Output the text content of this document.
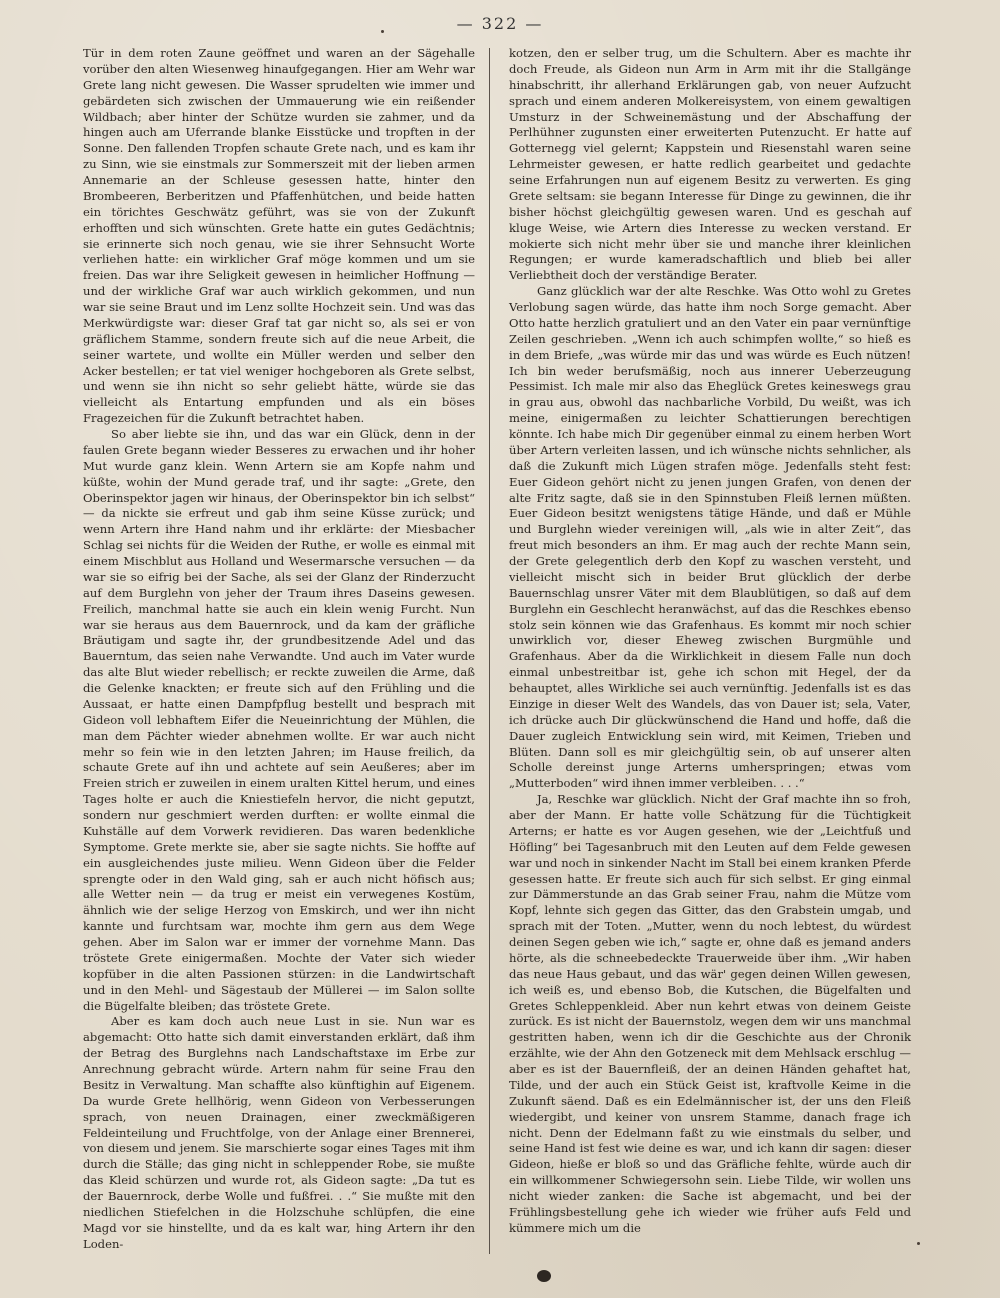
— 322 —

Tür in dem roten Zaune geöffnet und waren an der Sägehalle vorüber den alten Wiesenweg hinaufgegangen. Hier am Wehr war Grete lang nicht gewesen. Die Wasser sprudelten wie immer und gebärdeten sich zwischen der Ummauerung wie ein reißender Wildbach; aber hinter der Schütze wurden sie zahmer, und da hingen auch am Uferrande blanke Eisstücke und tropften in der Sonne. Den fallenden Tropfen schaute Grete nach, und es kam ihr zu Sinn, wie sie einstmals zur Sommerszeit mit der lieben armen Annemarie an der Schleuse gesessen hatte, hinter den Brombeeren, Berberitzen und Pfaffenhütchen, und beide hatten ein törichtes Geschwätz geführt, was sie von der Zukunft erhofften und sich wünschten. Grete hatte ein gutes Gedächtnis; sie erinnerte sich noch genau, wie sie ihrer Sehnsucht Worte verliehen hatte: ein wirklicher Graf möge kommen und um sie freien. Das war ihre Seligkeit gewesen in heimlicher Hoffnung — und der wirkliche Graf war auch wirklich gekommen, und nun war sie seine Braut und im Lenz sollte Hochzeit sein. Und was das Merkwürdigste war: dieser Graf tat gar nicht so, als sei er von gräflichem Stamme, sondern freute sich auf die neue Arbeit, die seiner wartete, und wollte ein Müller werden und selber den Acker bestellen; er tat viel weniger hochgeboren als Grete selbst, und wenn sie ihn nicht so sehr geliebt hätte, würde sie das vielleicht als Entartung empfunden und als ein böses Fragezeichen für die Zukunft betrachtet haben.

So aber liebte sie ihn, und das war ein Glück, denn in der faulen Grete begann wieder Besseres zu erwachen und ihr hoher Mut wurde ganz klein. Wenn Artern sie am Kopfe nahm und küßte, wohin der Mund gerade traf, und ihr sagte: „Grete, den Oberinspektor jagen wir hinaus, der Oberinspektor bin ich selbst“ — da nickte sie erfreut und gab ihm seine Küsse zurück; und wenn Artern ihre Hand nahm und ihr erklärte: der Miesbacher Schlag sei nichts für die Weiden der Ruthe, er wolle es einmal mit einem Mischblut aus Holland und Wesermarsche versuchen — da war sie so eifrig bei der Sache, als sei der Glanz der Rinderzucht auf dem Burglehn von jeher der Traum ihres Daseins gewesen. Freilich, manchmal hatte sie auch ein klein wenig Furcht. Nun war sie heraus aus dem Bauernrock, und da kam der gräfliche Bräutigam und sagte ihr, der grundbesitzende Adel und das Bauerntum, das seien nahe Verwandte. Und auch im Vater wurde das alte Blut wieder rebellisch; er reckte zuweilen die Arme, daß die Gelenke knackten; er freute sich auf den Frühling und die Aussaat, er hatte einen Dampfpflug bestellt und besprach mit Gideon voll lebhaftem Eifer die Neueinrichtung der Mühlen, die man dem Pächter wieder abnehmen wollte. Er war auch nicht mehr so fein wie in den letzten Jahren; im Hause freilich, da schaute Grete auf ihn und achtete auf sein Aeußeres; aber im Freien strich er zuweilen in einem uralten Kittel herum, und eines Tages holte er auch die Kniestiefeln hervor, die nicht geputzt, sondern nur geschmiert werden durften: er wollte einmal die Kuhställe auf dem Vorwerk revidieren. Das waren bedenkliche Symptome. Grete merkte sie, aber sie sagte nichts. Sie hoffte auf ein ausgleichendes juste milieu. Wenn Gideon über die Felder sprengte oder in den Wald ging, sah er auch nicht höfisch aus; alle Wetter nein — da trug er meist ein verwegenes Kostüm, ähnlich wie der selige Herzog von Emskirch, und wer ihn nicht kannte und furchtsam war, mochte ihm gern aus dem Wege gehen. Aber im Salon war er immer der vornehme Mann. Das tröstete Grete einigermaßen. Mochte der Vater sich wieder kopfüber in die alten Passionen stürzen: in die Landwirtschaft und in den Mehl- und Sägestaub der Müllerei — im Salon sollte die Bügelfalte bleiben; das tröstete Grete.

Aber es kam doch auch neue Lust in sie. Nun war es abgemacht: Otto hatte sich damit einverstanden erklärt, daß ihm der Betrag des Burglehns nach Landschaftstaxe im Erbe zur Anrechnung gebracht würde. Artern nahm für seine Frau den Besitz in Verwaltung. Man schaffte also künftighin auf Eigenem. Da wurde Grete hellhörig, wenn Gideon von Verbesserungen sprach, von neuen Drainagen, einer zweckmäßigeren Feldeinteilung und Fruchtfolge, von der Anlage einer Brennerei, von diesem und jenem. Sie marschierte sogar eines Tages mit ihm durch die Ställe; das ging nicht in schleppender Robe, sie mußte das Kleid schürzen und wurde rot, als Gideon sagte: „Da tut es der Bauernrock, derbe Wolle und fußfrei. . .“ Sie mußte mit den niedlichen Stiefelchen in die Holzschuhe schlüpfen, die eine Magd vor sie hinstellte, und da es kalt war, hing Artern ihr den Loden-

kotzen, den er selber trug, um die Schultern. Aber es machte ihr doch Freude, als Gideon nun Arm in Arm mit ihr die Stallgänge hinabschritt, ihr allerhand Erklärungen gab, von neuer Aufzucht sprach und einem anderen Molkereisystem, von einem gewaltigen Umsturz in der Schweinemästung und der Abschaffung der Perlhühner zugunsten einer erweiterten Putenzucht. Er hatte auf Gotternegg viel gelernt; Kappstein und Riesenstahl waren seine Lehrmeister gewesen, er hatte redlich gearbeitet und gedachte seine Erfahrungen nun auf eigenem Besitz zu verwerten. Es ging Grete seltsam: sie begann Interesse für Dinge zu gewinnen, die ihr bisher höchst gleichgültig gewesen waren. Und es geschah auf kluge Weise, wie Artern dies Interesse zu wecken verstand. Er mokierte sich nicht mehr über sie und manche ihrer kleinlichen Regungen; er wurde kameradschaftlich und blieb bei aller Verliebtheit doch der verständige Berater.

Ganz glücklich war der alte Reschke. Was Otto wohl zu Gretes Verlobung sagen würde, das hatte ihm noch Sorge gemacht. Aber Otto hatte herzlich gratuliert und an den Vater ein paar vernünftige Zeilen geschrieben. „Wenn ich auch schimpfen wollte,“ so hieß es in dem Briefe, „was würde mir das und was würde es Euch nützen! Ich bin weder berufsmäßig, noch aus innerer Ueberzeugung Pessimist. Ich male mir also das Eheglück Gretes keineswegs grau in grau aus, obwohl das nachbarliche Vorbild, Du weißt, was ich meine, einigermaßen zu leichter Schattierungen berechtigen könnte. Ich habe mich Dir gegenüber einmal zu einem herben Wort über Artern verleiten lassen, und ich wünsche nichts sehnlicher, als daß die Zukunft mich Lügen strafen möge. Jedenfalls steht fest: Euer Gideon gehört nicht zu jenen jungen Grafen, von denen der alte Fritz sagte, daß sie in den Spinnstuben Fleiß lernen müßten. Euer Gideon besitzt wenigstens tätige Hände, und daß er Mühle und Burglehn wieder vereinigen will, „als wie in alter Zeit“, das freut mich besonders an ihm. Er mag auch der rechte Mann sein, der Grete gelegentlich derb den Kopf zu waschen versteht, und vielleicht mischt sich in beider Brut glücklich der derbe Bauernschlag unsrer Väter mit dem Blaublütigen, so daß auf dem Burglehn ein Geschlecht heranwächst, auf das die Reschkes ebenso stolz sein können wie das Grafenhaus. Es kommt mir noch schier unwirklich vor, dieser Eheweg zwischen Burgmühle und Grafenhaus. Aber da die Wirklichkeit in diesem Falle nun doch einmal unbestreitbar ist, gehe ich schon mit Hegel, der da behauptet, alles Wirkliche sei auch vernünftig. Jedenfalls ist es das Einzige in dieser Welt des Wandels, das von Dauer ist; sela, Vater, ich drücke auch Dir glückwünschend die Hand und hoffe, daß die Dauer zugleich Entwicklung sein wird, mit Keimen, Trieben und Blüten. Dann soll es mir gleichgültig sein, ob auf unserer alten Scholle dereinst junge Arterns umherspringen; etwas vom „Mutterboden“ wird ihnen immer verbleiben. . . .“

Ja, Reschke war glücklich. Nicht der Graf machte ihn so froh, aber der Mann. Er hatte volle Schätzung für die Tüchtigkeit Arterns; er hatte es vor Augen gesehen, wie der „Leichtfuß und Höfling“ bei Tagesanbruch mit den Leuten auf dem Felde gewesen war und noch in sinkender Nacht im Stall bei einem kranken Pferde gesessen hatte. Er freute sich auch für sich selbst. Er ging einmal zur Dämmerstunde an das Grab seiner Frau, nahm die Mütze vom Kopf, lehnte sich gegen das Gitter, das den Grabstein umgab, und sprach mit der Toten. „Mutter, wenn du noch lebtest, du würdest deinen Segen geben wie ich,“ sagte er, ohne daß es jemand anders hörte, als die schneebedeckte Trauerweide über ihm. „Wir haben das neue Haus gebaut, und das wär' gegen deinen Willen gewesen, ich weiß es, und ebenso Bob, die Kutschen, die Bügelfalten und Gretes Schleppenkleid. Aber nun kehrt etwas von deinem Geiste zurück. Es ist nicht der Bauernstolz, wegen dem wir uns manchmal gestritten haben, wenn ich dir die Geschichte aus der Chronik erzählte, wie der Ahn den Gotzeneck mit dem Mehlsack erschlug — aber es ist der Bauernfleiß, der an deinen Händen gehaftet hat, Tilde, und der auch ein Stück Geist ist, kraftvolle Keime in die Zukunft säend. Daß es ein Edelmännischer ist, der uns den Fleiß wiedergibt, und keiner von unsrem Stamme, danach frage ich nicht. Denn der Edelmann faßt zu wie einstmals du selber, und seine Hand ist fest wie deine es war, und ich kann dir sagen: dieser Gideon, hieße er bloß so und das Gräfliche fehlte, würde auch dir ein willkommener Schwiegersohn sein. Liebe Tilde, wir wollen uns nicht wieder zanken: die Sache ist abgemacht, und bei der Frühlingsbestellung gehe ich wieder wie früher aufs Feld und kümmere mich um die
